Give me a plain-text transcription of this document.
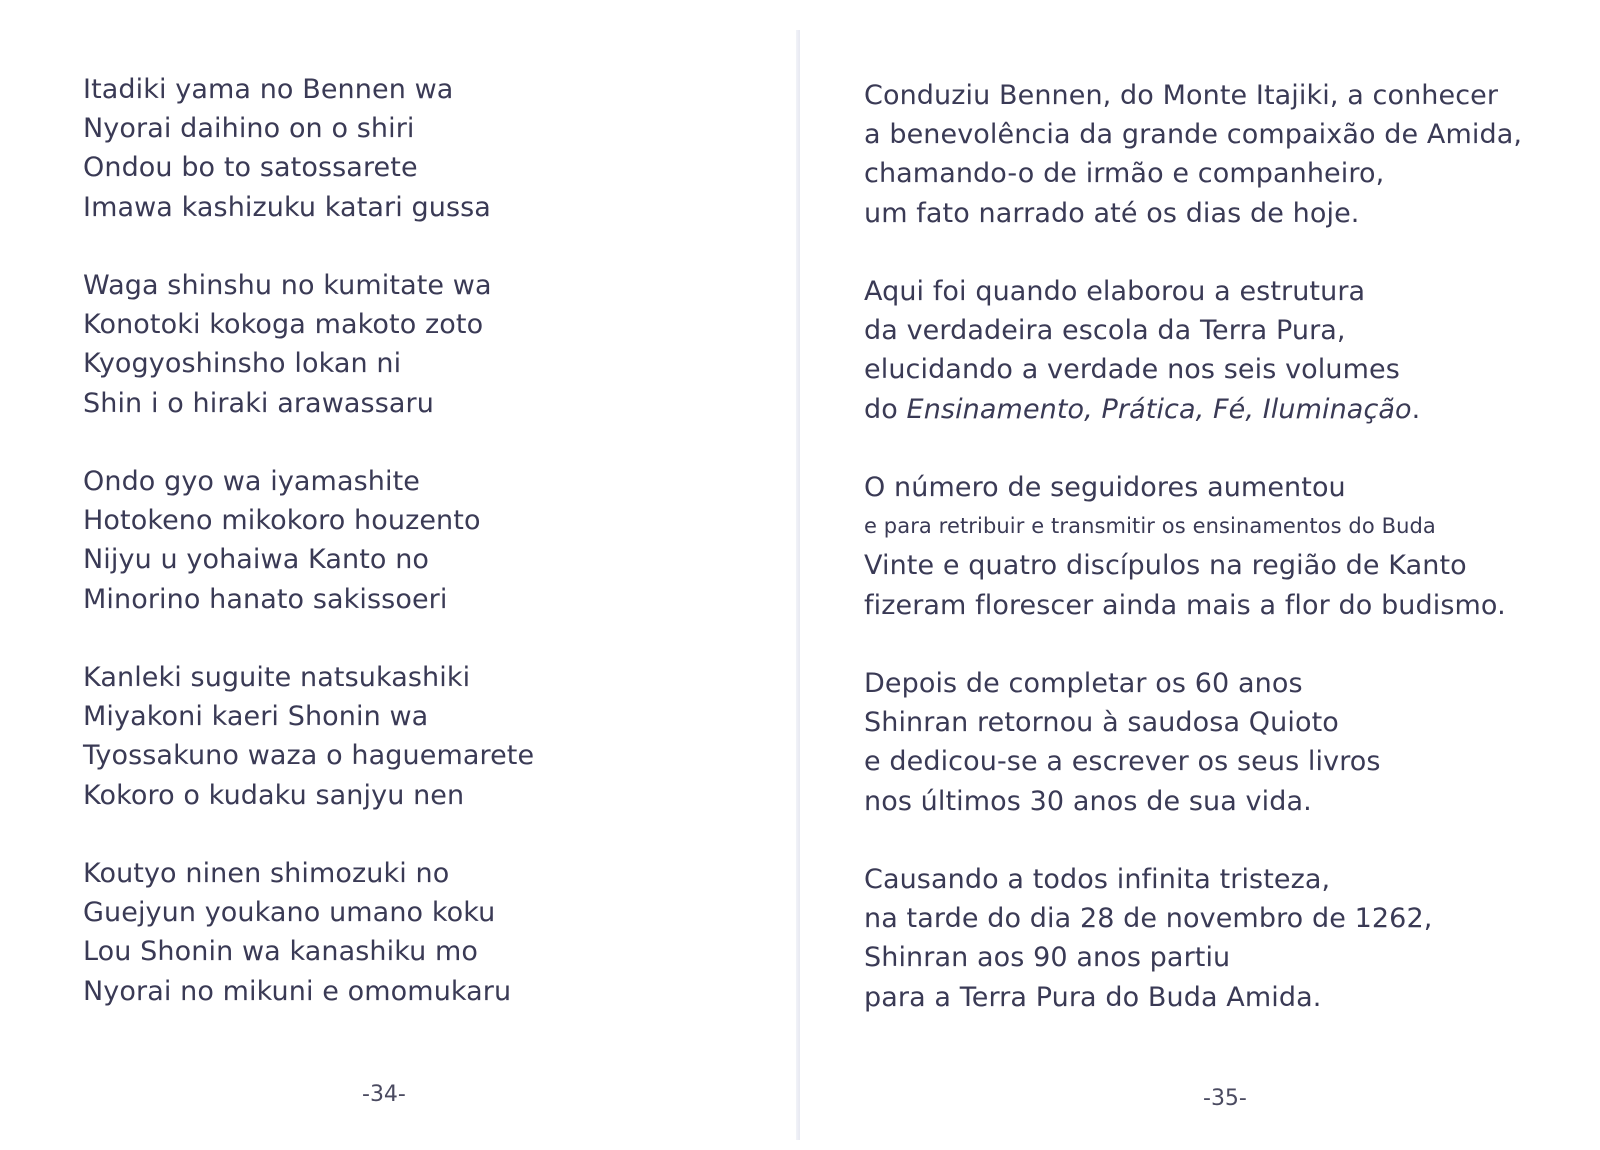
Itadiki yama no Bennen wa
Nyorai daihino on o shiri
Ondou bo to satossarete
Imawa kashizuku katari gussa
Waga shinshu no kumitate wa
Konotoki kokoga makoto zoto
Kyogyoshinsho lokan ni
Shin i o hiraki arawassaru
Ondo gyo wa iyamashite
Hotokeno mikokoro houzento
Nijyu u yohaiwa Kanto no
Minorino hanato sakissoeri
Kanleki suguite natsukashiki
Miyakoni kaeri Shonin wa
Tyossakuno waza o haguemarete
Kokoro o kudaku sanjyu nen
Koutyo ninen shimozuki no
Guejyun youkano umano koku
Lou Shonin wa kanashiku mo
Nyorai no mikuni e omomukaru
-34-
Conduziu Bennen, do Monte Itajiki, a conhecer
a benevolência da grande compaixão de Amida,
chamando-o de irmão e companheiro,
um fato narrado até os dias de hoje.
Aqui foi quando elaborou a estrutura
da verdadeira escola da Terra Pura,
elucidando a verdade nos seis volumes
do Ensinamento, Prática, Fé, Iluminação.
O número de seguidores aumentou
e para retribuir e transmitir os ensinamentos do Buda
Vinte e quatro discípulos na região de Kanto
fizeram florescer ainda mais a flor do budismo.
Depois de completar os 60 anos
Shinran retornou à saudosa Quioto
e dedicou-se a escrever os seus livros
nos últimos 30 anos de sua vida.
Causando a todos infinita tristeza,
na tarde do dia 28 de novembro de 1262,
Shinran aos 90 anos partiu
para a Terra Pura do Buda Amida.
-35-
